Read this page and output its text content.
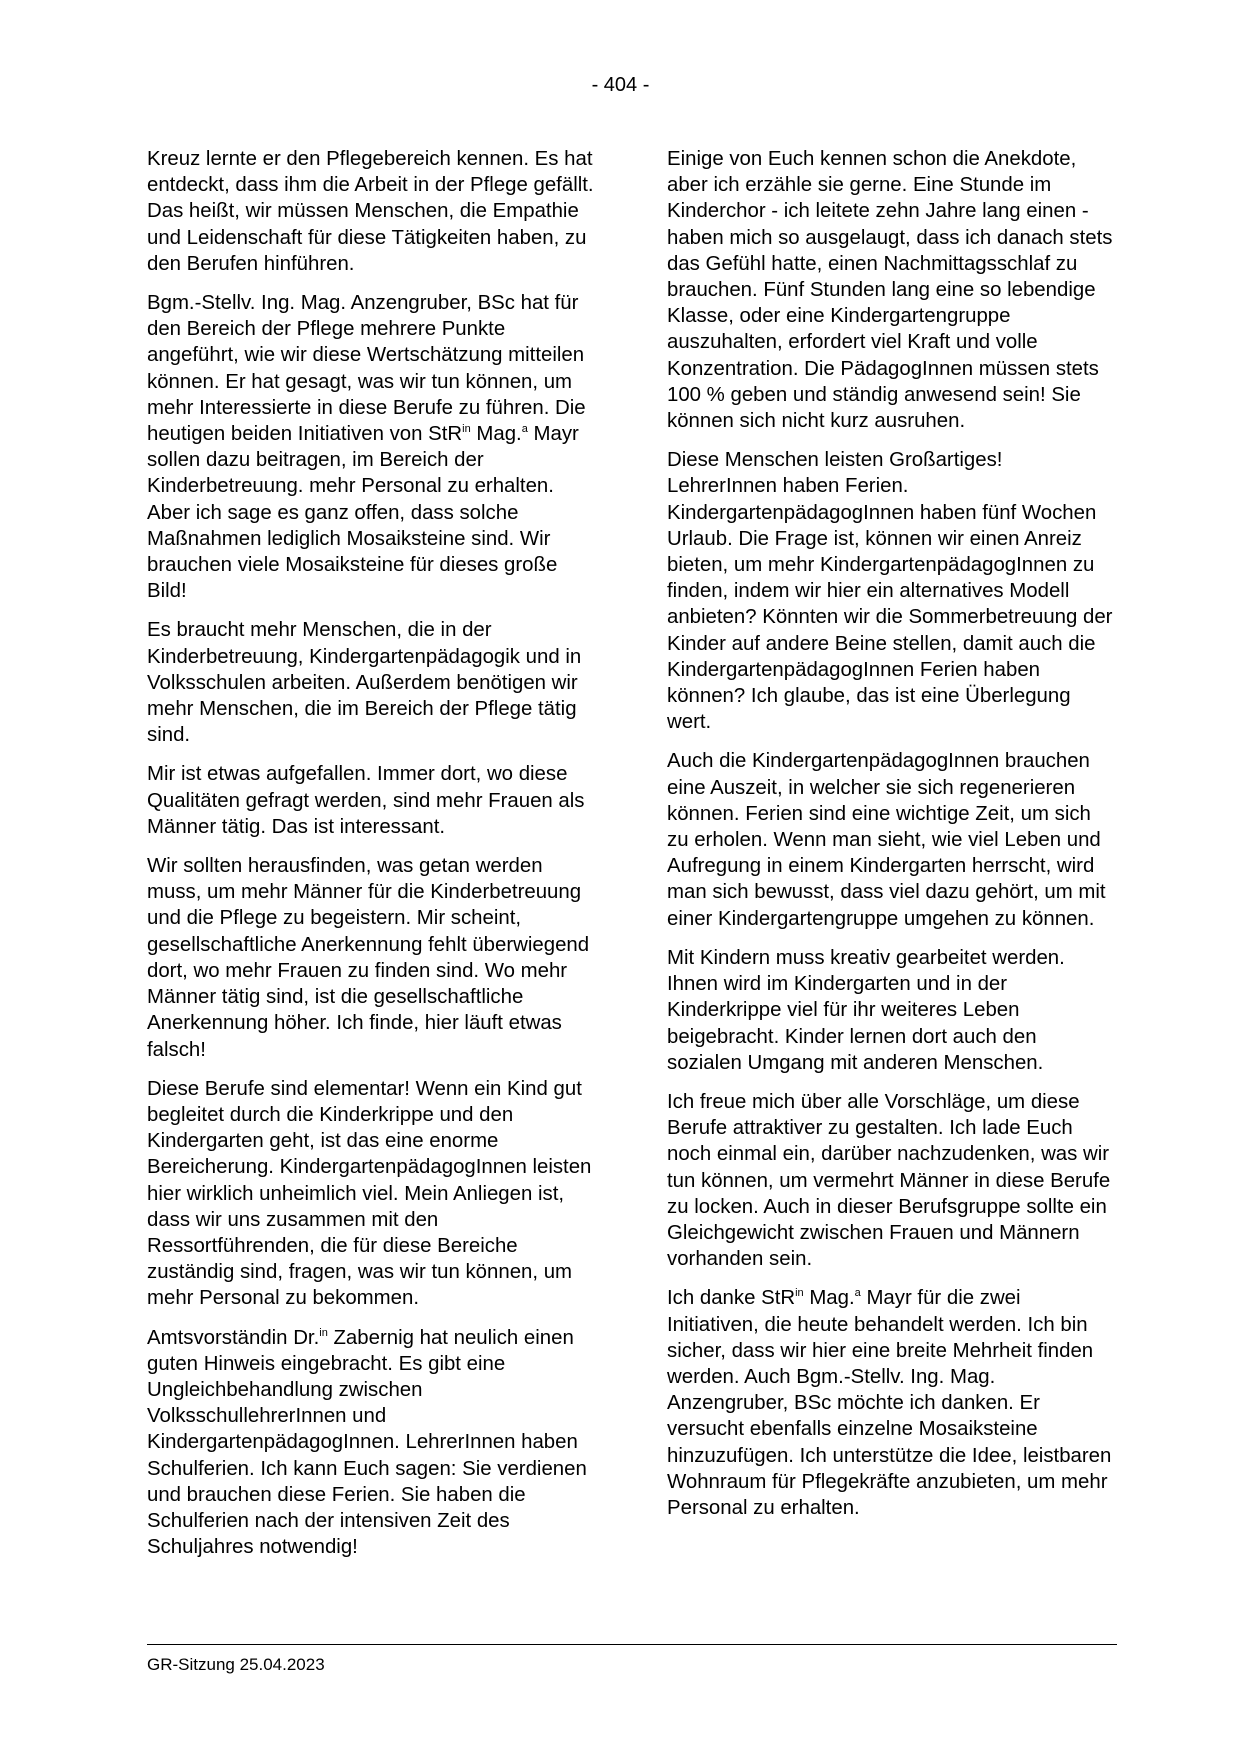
- 404 -

Kreuz lernte er den Pflegebereich kennen. Es hat entdeckt, dass ihm die Arbeit in der Pflege gefällt. Das heißt, wir müssen Menschen, die Empathie und Leidenschaft für diese Tätigkeiten haben, zu den Berufen hinführen.

Bgm.-Stellv. Ing. Mag. Anzengruber, BSc hat für den Bereich der Pflege mehrere Punkte angeführt, wie wir diese Wertschätzung mitteilen können. Er hat gesagt, was wir tun können, um mehr Interessierte in diese Berufe zu führen. Die heutigen beiden Initiativen von StR$^{in}$ Mag.$^a$ Mayr sollen dazu beitragen, im Bereich der Kinderbetreuung. mehr Personal zu erhalten. Aber ich sage es ganz offen, dass solche Maßnahmen lediglich Mosaiksteine sind. Wir brauchen viele Mosaiksteine für dieses große Bild!

Es braucht mehr Menschen, die in der Kinderbetreuung, Kindergartenpädagogik und in Volksschulen arbeiten. Außerdem benötigen wir mehr Menschen, die im Bereich der Pflege tätig sind.

Mir ist etwas aufgefallen. Immer dort, wo diese Qualitäten gefragt werden, sind mehr Frauen als Männer tätig. Das ist interessant.

Wir sollten herausfinden, was getan werden muss, um mehr Männer für die Kinderbetreuung und die Pflege zu begeistern. Mir scheint, gesellschaftliche Anerkennung fehlt überwiegend dort, wo mehr Frauen zu finden sind. Wo mehr Männer tätig sind, ist die gesellschaftliche Anerkennung höher. Ich finde, hier läuft etwas falsch!

Diese Berufe sind elementar! Wenn ein Kind gut begleitet durch die Kinderkrippe und den Kindergarten geht, ist das eine enorme Bereicherung. KindergartenpädagogInnen leisten hier wirklich unheimlich viel. Mein Anliegen ist, dass wir uns zusammen mit den Ressortführenden, die für diese Bereiche zuständig sind, fragen, was wir tun können, um mehr Personal zu bekommen.

Amtsvorständin Dr.$^{in}$ Zabernig hat neulich einen guten Hinweis eingebracht. Es gibt eine Ungleichbehandlung zwischen VolksschullehrerInnen und KindergartenpädagogInnen. LehrerInnen haben Schulferien. Ich kann Euch sagen: Sie verdienen und brauchen diese Ferien. Sie haben die Schulferien nach der intensiven Zeit des Schuljahres notwendig!

Einige von Euch kennen schon die Anekdote, aber ich erzähle sie gerne. Eine Stunde im Kinderchor - ich leitete zehn Jahre lang einen - haben mich so ausgelaugt, dass ich danach stets das Gefühl hatte, einen Nachmittagsschlaf zu brauchen. Fünf Stunden lang eine so lebendige Klasse, oder eine Kindergartengruppe auszuhalten, erfordert viel Kraft und volle Konzentration. Die PädagogInnen müssen stets 100 % geben und ständig anwesend sein! Sie können sich nicht kurz ausruhen.

Diese Menschen leisten Großartiges! LehrerInnen haben Ferien. KindergartenpädagogInnen haben fünf Wochen Urlaub. Die Frage ist, können wir einen Anreiz bieten, um mehr KindergartenpädagogInnen zu finden, indem wir hier ein alternatives Modell anbieten? Könnten wir die Sommerbetreuung der Kinder auf andere Beine stellen, damit auch die KindergartenpädagogInnen Ferien haben können? Ich glaube, das ist eine Überlegung wert.

Auch die KindergartenpädagogInnen brauchen eine Auszeit, in welcher sie sich regenerieren können. Ferien sind eine wichtige Zeit, um sich zu erholen. Wenn man sieht, wie viel Leben und Aufregung in einem Kindergarten herrscht, wird man sich bewusst, dass viel dazu gehört, um mit einer Kindergartengruppe umgehen zu können.

Mit Kindern muss kreativ gearbeitet werden. Ihnen wird im Kindergarten und in der Kinderkrippe viel für ihr weiteres Leben beigebracht. Kinder lernen dort auch den sozialen Umgang mit anderen Menschen.

Ich freue mich über alle Vorschläge, um diese Berufe attraktiver zu gestalten. Ich lade Euch noch einmal ein, darüber nachzudenken, was wir tun können, um vermehrt Männer in diese Berufe zu locken. Auch in dieser Berufsgruppe sollte ein Gleichgewicht zwischen Frauen und Männern vorhanden sein.

Ich danke StR$^{in}$ Mag.$^a$ Mayr für die zwei Initiativen, die heute behandelt werden. Ich bin sicher, dass wir hier eine breite Mehrheit finden werden. Auch Bgm.-Stellv. Ing. Mag. Anzengruber, BSc möchte ich danken. Er versucht ebenfalls einzelne Mosaiksteine hinzuzufügen. Ich unterstütze die Idee, leistbaren Wohnraum für Pflegekräfte anzubieten, um mehr Personal zu erhalten.

GR-Sitzung 25.04.2023
